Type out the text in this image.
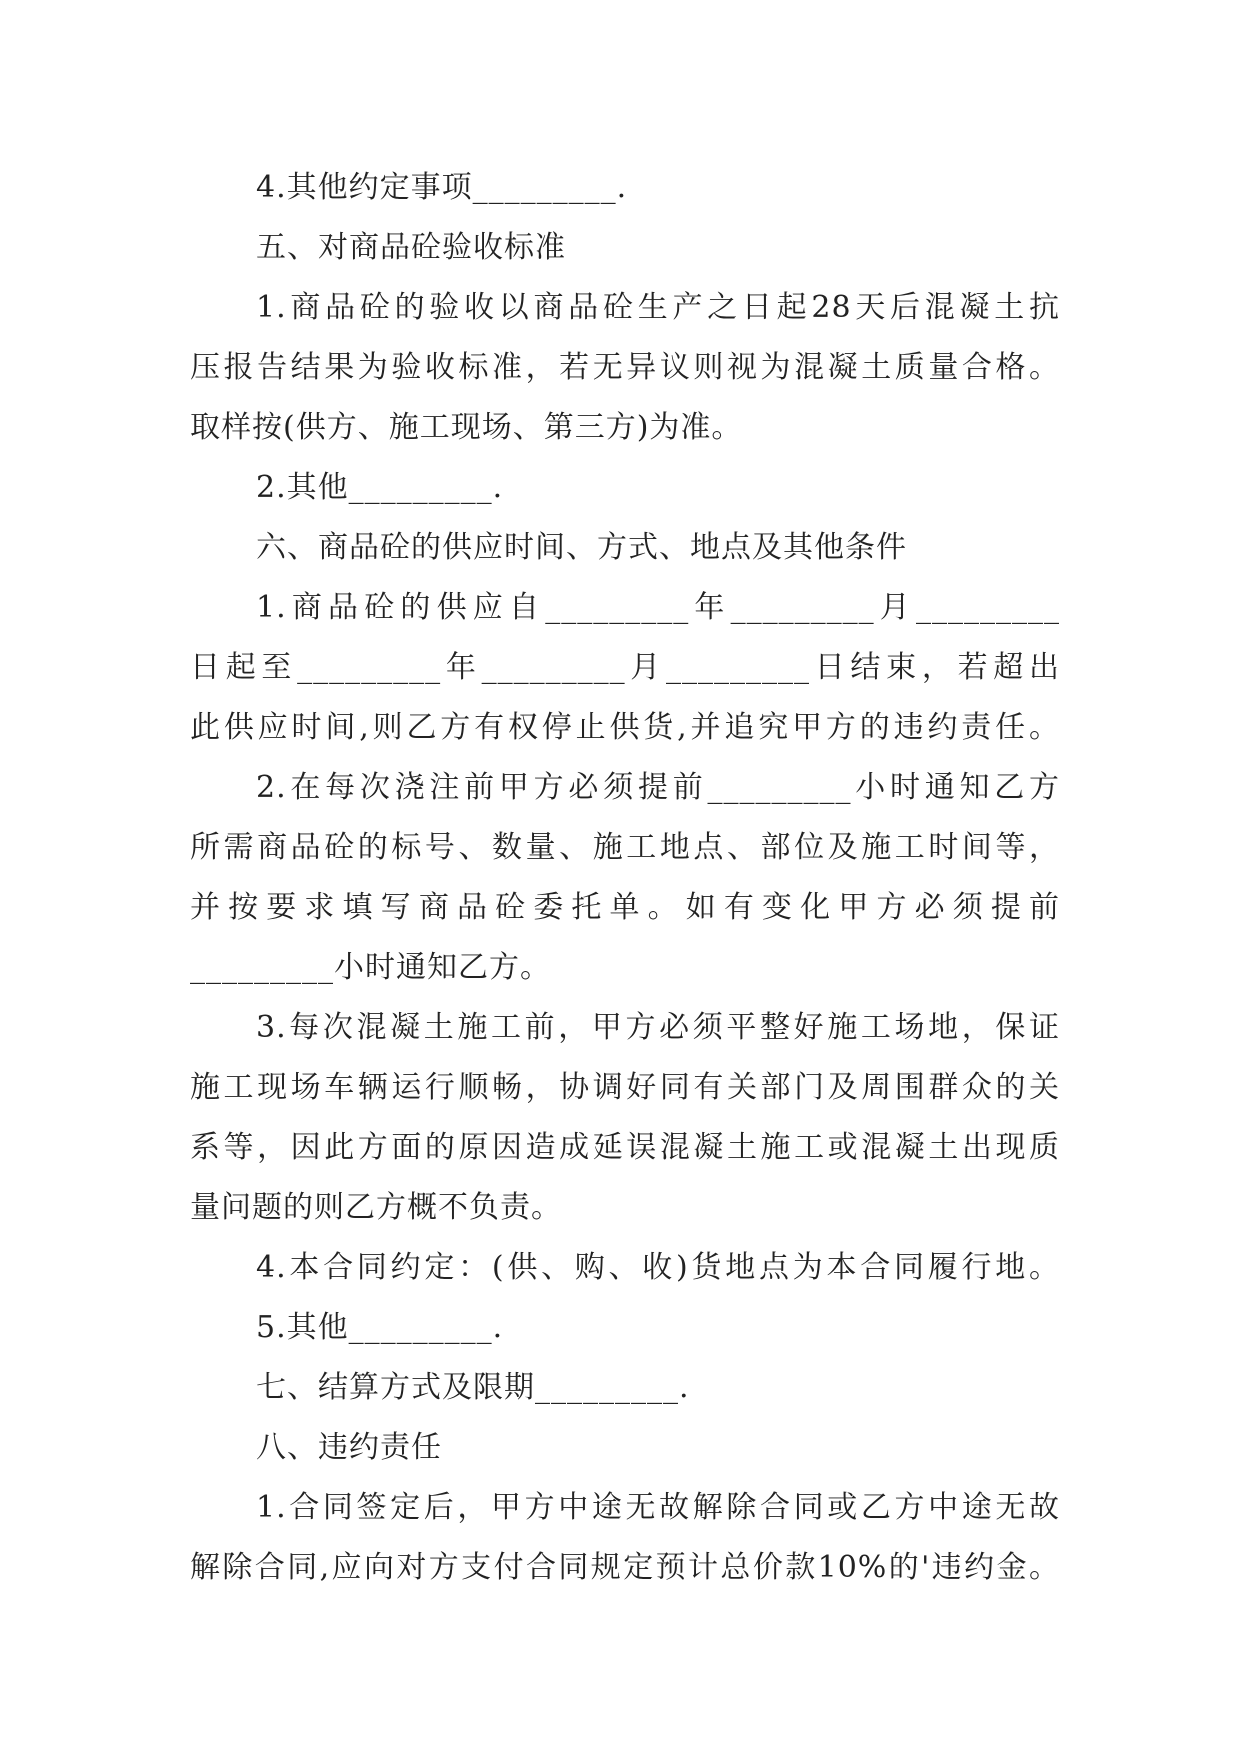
4.其他约定事项_________.

五、对商品砼验收标准

1.商品砼的验收以商品砼生产之日起28天后混凝土抗

压报告结果为验收标准，若无异议则视为混凝土质量合格。

取样按(供方、施工现场、第三方)为准。

2.其他_________.

六、商品砼的供应时间、方式、地点及其他条件

1.商品砼的供应自_________年_________月_________

日起至_________年_________月_________日结束，若超出

此供应时间,则乙方有权停止供货,并追究甲方的违约责任。

2.在每次浇注前甲方必须提前_________小时通知乙方

所需商品砼的标号、数量、施工地点、部位及施工时间等，

并按要求填写商品砼委托单。如有变化甲方必须提前

_________小时通知乙方。

3.每次混凝土施工前，甲方必须平整好施工场地，保证

施工现场车辆运行顺畅，协调好同有关部门及周围群众的关

系等，因此方面的原因造成延误混凝土施工或混凝土出现质

量问题的则乙方概不负责。

4.本合同约定：(供、购、收)货地点为本合同履行地。

5.其他_________.

七、结算方式及限期_________.

八、违约责任

1.合同签定后，甲方中途无故解除合同或乙方中途无故

解除合同,应向对方支付合同规定预计总价款10%的'违约金。
